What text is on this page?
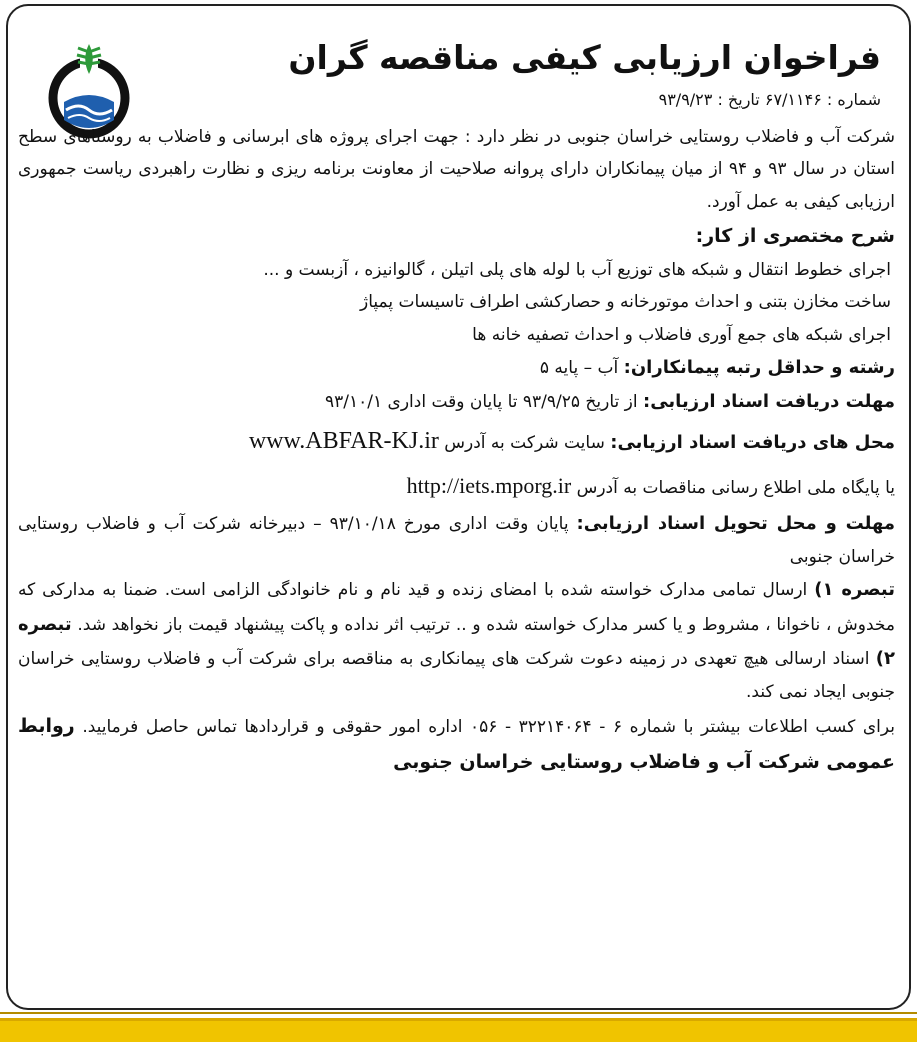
فراخوان ارزیابی کیفی مناقصه گران

شماره : ۶۷/۱۱۴۶ تاریخ : ۹۳/۹/۲۳

شرکت آب و فاضلاب روستایی خراسان جنوبی در نظر دارد : جهت اجرای پروژه های ابرسانی و فاضلاب به روستاهای سطح استان در سال ۹۳ و ۹۴ از میان پیمانکاران دارای پروانه صلاحیت از معاونت برنامه ریزی و نظارت راهبردی ریاست جمهوری ارزیابی کیفی به عمل آورد.

شرح مختصری از کار:

اجرای خطوط انتقال و شبکه های توزیع آب با لوله های پلی اتیلن ، گالوانیزه ، آزبست و ...

ساخت مخازن بتنی و احداث موتورخانه و حصارکشی اطراف تاسیسات پمپاژ

اجرای شبکه های جمع آوری فاضلاب و احداث تصفیه خانه ها

رشته و حداقل رتبه پیمانکاران: آب – پایه ۵

مهلت دریافت اسناد ارزیابی: از تاریخ ۹۳/۹/۲۵ تا پایان وقت اداری ۹۳/۱۰/۱

محل های دریافت اسناد ارزیابی: سایت شرکت به آدرس www.ABFAR-KJ.ir

یا پایگاه ملی اطلاع رسانی مناقصات به آدرس http://iets.mporg.ir

مهلت و محل تحویل اسناد ارزیابی: پایان وقت اداری مورخ ۹۳/۱۰/۱۸ – دبیرخانه شرکت آب و فاضلاب روستایی خراسان جنوبی

تبصره ۱) ارسال تمامی مدارک خواسته شده با امضای زنده و قید نام و نام خانوادگی الزامی است. ضمنا به مدارکی که مخدوش ، ناخوانا ، مشروط و یا کسر مدارک خواسته شده و .. ترتیب اثر نداده و پاکت پیشنهاد قیمت باز نخواهد شد. تبصره ۲) اسناد ارسالی هیچ تعهدی در زمینه دعوت شرکت های پیمانکاری به مناقصه برای شرکت آب و فاضلاب روستایی خراسان جنوبی ایجاد نمی کند.

برای کسب اطلاعات بیشتر با شماره ۶ - ۳۲۲۱۴۰۶۴ - ۰۵۶ اداره امور حقوقی و قراردادها تماس حاصل فرمایید. روابط عمومی شرکت آب و فاضلاب روستایی خراسان جنوبی
